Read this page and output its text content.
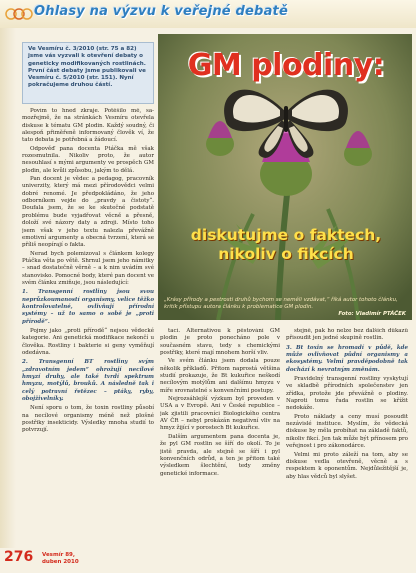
Ohlasy na výzvu k veřejné debatě
Ve Vesmíru č. 3/2010 (str. 75 a 82) jsme vás vyzvali k otevření debaty o geneticky modifikovaných rostlinách. První část debaty jsme publikovali ve Vesmíru č. 5/2010 (str. 151). Nyní pokračujeme druhou částí.
GM plodiny:
diskutujme o faktech, nikoliv o fikcích
„Krásy přírody a pestrosti druhů bychom se neměli vzdávat,“ říká autor tohoto článku, kritik přístupu autora článku k problematice GM plodin.
Foto: Vladimír PTÁČEK

Povím to hned zkraje. Potěšilo mě, sa-mozřejmě, že na stránkách Vesmíru otevřela diskuse k tématu GM plodin. Každý soudný, či alespoň přiměřeně informovaný člověk ví, že tato debata je potřebná a žádoucí.

Odpověď pana docenta Ptáčka mě však rozesmutnila. Nikoliv proto, že autor nesouhlasí s mými argumenty ve prospěch GM plodin, ale kvůli způsobu, jakým to dělá.

Pan docent je vědec a pedagog, pracovník univerzity, který má mezi přírodovědci velmi dobré renomé. Je předpokládáno, že jeho odborníkem vejde do „pravdy a čistoty“. Doufala jsem, že se ke skutečné podstatě problému bude vyjadřovat věcně a přesně, doloží své názory daty a zdroji. Místo toho jsem však v jeho textu nalezla převážně emotivní argumenty a obecná tvrzení, která se příliš neopírají o fakta.

Nerad bych polemizoval s článkem kolegy Ptáčka věta po větě. Shrnul jsem jeho námitky – snad dostatečně věrně – a k nim uvádím své stanovisko. Pomocné body, které pan docent ve svém článku zmiňuje, jsou následující:

1. Transgenní rostliny jsou svou neprůzkoumaností organismy, velice těžko kontrolovatelné, ovlivňují přírodní systémy – už to samo o sobě je „proti přírodě“.

Pojmy jako „proti přírodě“ nejsou vědecké kategorie. Ani genetická modifikace nekončí u člověka. Rostliny i bakterie si geny vyměňují odedávna.

2. Transgenní BT rostliny svým „zdravotním jedem“ ohrožují necílové hmyzí druhy, ale také tvrdí spektrum hmyzu, motýlů, brouků. A následně tak i celý potravní řetězec – ptáky, ryby, obojživelníky.

Není sporu o tom, že toxin rostliny působí na necílové organismy méně než plošné postřiky insekticidy. Výsledky mnoha studií to potvrzují.

tací. Alternativou k pěstování GM plodin je proto ponecháno pole v současném stavu, tedy s chemickými postřiky, které mají mnohem horší vliv.

Ve svém článku jsem dodala pouze několik příkladů. Přitom naprostá většina studií prokazuje, že Bt kukuřice neškodí necílovým motýlům ani dalšímu hmyzu v míře srovnatelné s konvenčními postupy.

Nejrozsáhlejší výzkum byl proveden v USA a v Evropě. Ani v České republice – jak zjistili pracovníci Biologického centra AV ČR – nebyl prokázán negativní vliv na hmyz žijící v porostech Bt kukuřice.

Dalším argumentem pana docenta je, že pyl GM rostlin se šíří do okolí. To je jistě pravda, ale stejně se šíří i pyl konvenčních odrůd, a ten je přitom také výsledkem šlechtění, tedy změny genetické informace.

stejně, pak ho nelze bez dalších důkazů přisoudit jen jedné skupině rostlin.

3. Bt toxin se hromadí v půdě, kde může ovlivňovat půdní organismy a ekosystémy. Velmi pravděpodobně tak dochází k nevratným změnám.

Pravidelný transgenní rostliny vyskytují ve skladbě přírodních společenstev jen zřídka, protože jde převážně o plodiny. Naproti tomu řada rostlin se křížit nedokáže.

Proto náklady a ceny musí posoudit nezávislé instituce. Myslím, že vědecká diskuse by měla probíhat na základě faktů, nikoliv fikcí. Jen tak může být přínosem pro veřejnost i pro zákonodárce.

Velmi mi proto záleží na tom, aby se diskuse vedla otevřeně, věcně a s respektem k oponentům. Nejdůležitější je, aby hlas vědců byl slyšet.

276 Vesmír 89,
duben 2010
